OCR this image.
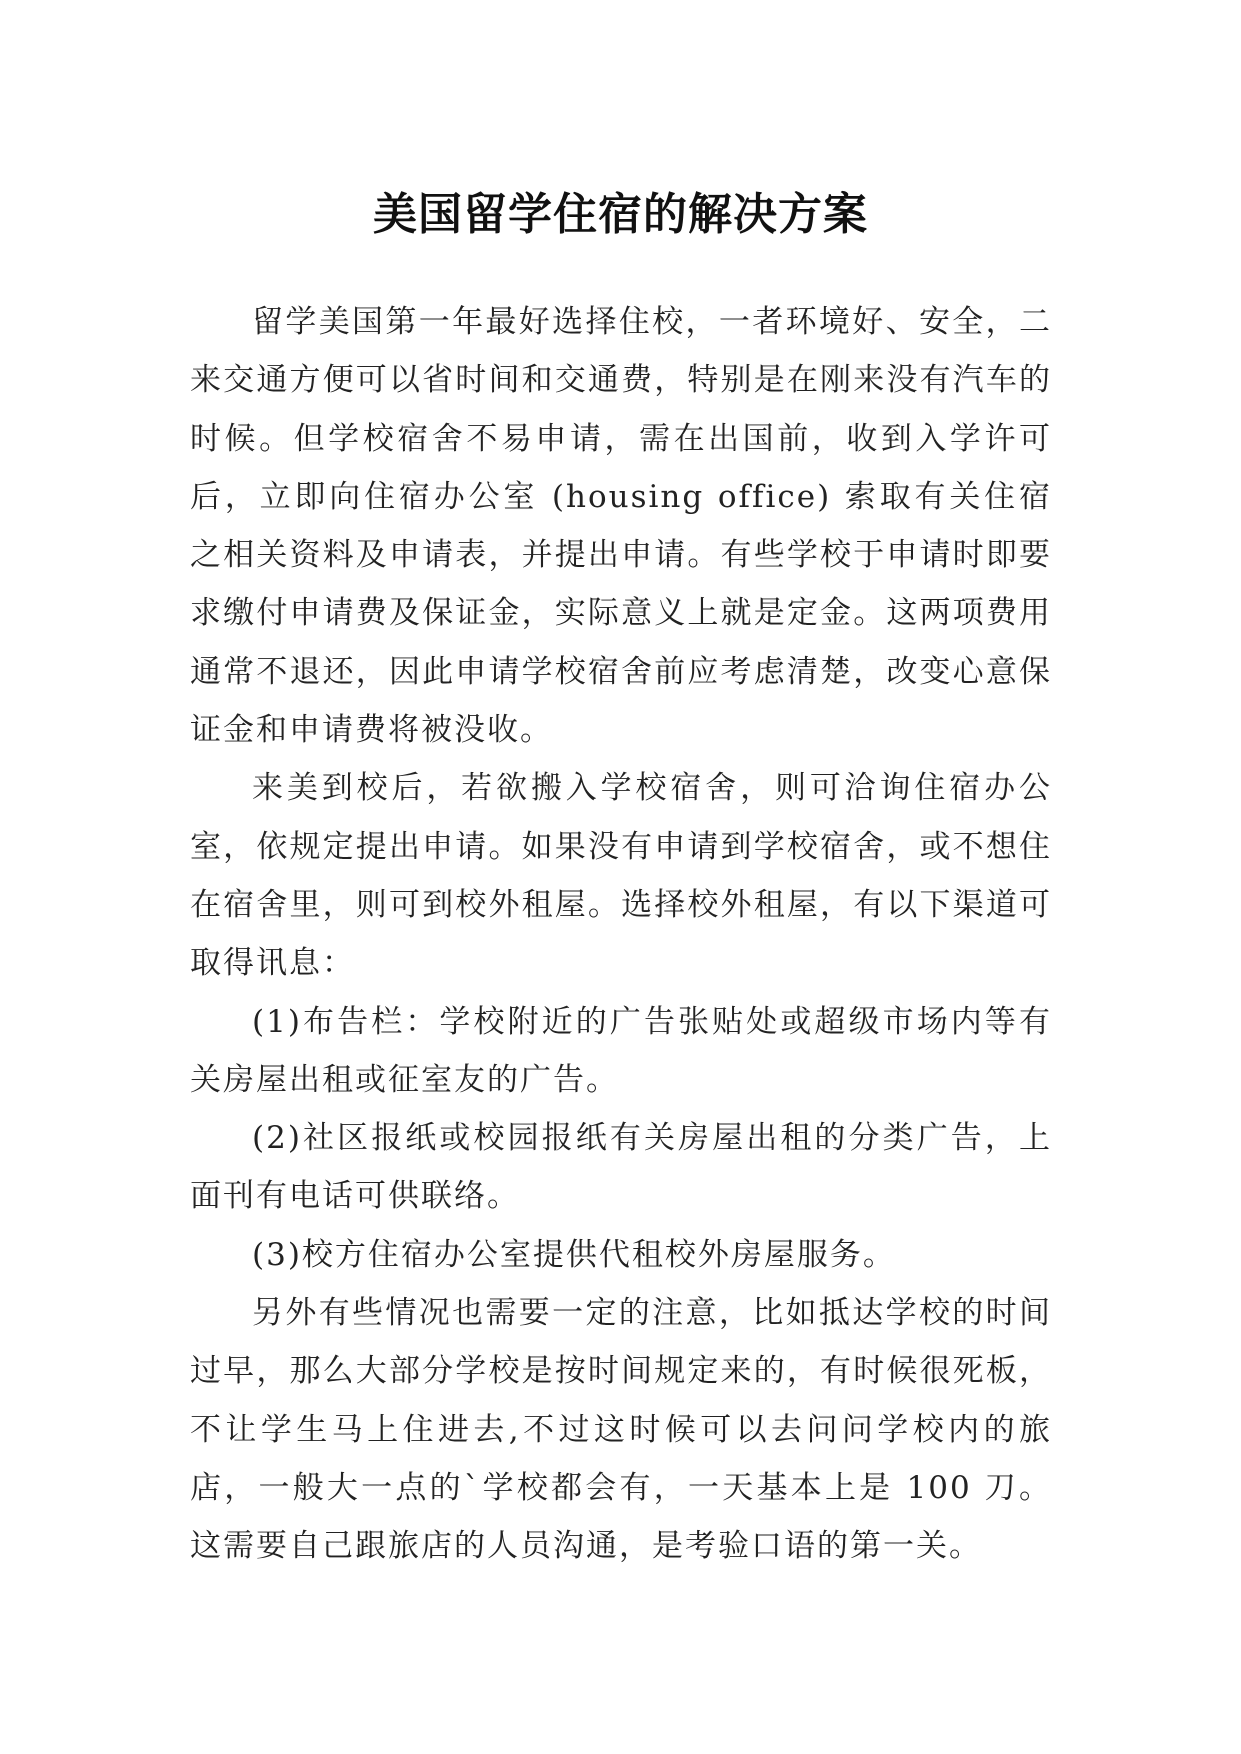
美国留学住宿的解决方案

留学美国第一年最好选择住校，一者环境好、安全，二来交通方便可以省时间和交通费，特别是在刚来没有汽车的时候。但学校宿舍不易申请，需在出国前，收到入学许可后，立即向住宿办公室 (housing office) 索取有关住宿之相关资料及申请表，并提出申请。有些学校于申请时即要求缴付申请费及保证金，实际意义上就是定金。这两项费用通常不退还，因此申请学校宿舍前应考虑清楚，改变心意保证金和申请费将被没收。

来美到校后，若欲搬入学校宿舍，则可洽询住宿办公室，依规定提出申请。如果没有申请到学校宿舍，或不想住在宿舍里，则可到校外租屋。选择校外租屋，有以下渠道可取得讯息：

(1)布告栏：学校附近的广告张贴处或超级市场内等有关房屋出租或征室友的广告。

(2)社区报纸或校园报纸有关房屋出租的分类广告，上面刊有电话可供联络。

(3)校方住宿办公室提供代租校外房屋服务。

另外有些情况也需要一定的注意，比如抵达学校的时间过早，那么大部分学校是按时间规定来的，有时候很死板，不让学生马上住进去,不过这时候可以去问问学校内的旅店，一般大一点的`学校都会有，一天基本上是 100 刀。这需要自己跟旅店的人员沟通，是考验口语的第一关。
